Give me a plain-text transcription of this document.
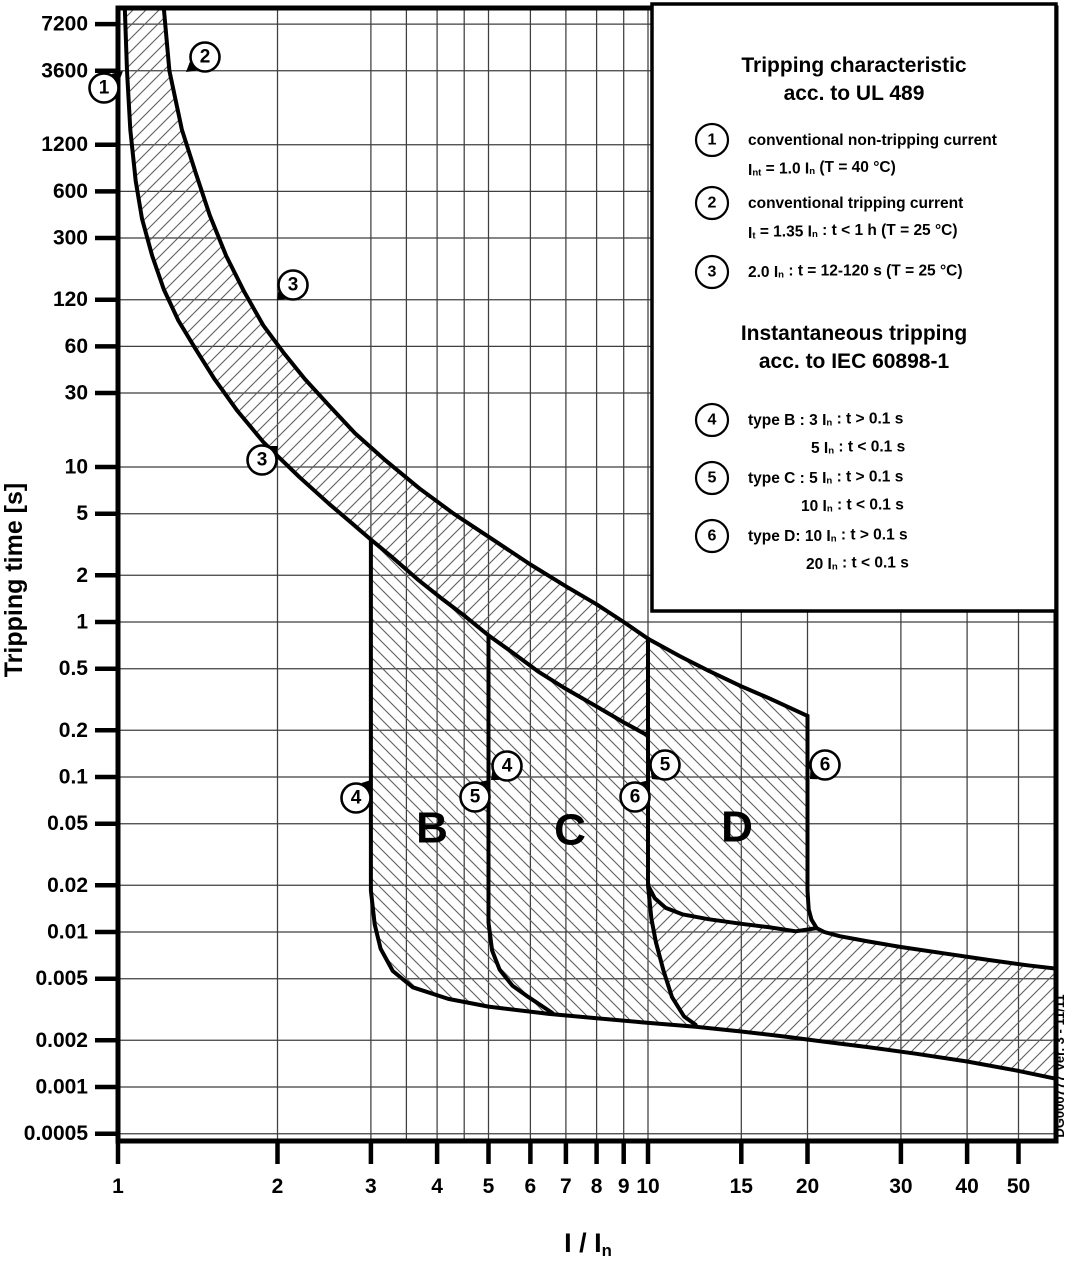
1	2	3	4 5 6 7 8 9 10	15 20	30 40 50
7200
3600
1200
600
300
120
60
30
10
5
2
1
0.5
0.2
0.1
0.05
0.02
0.01
0.005
0.002
0.001
0.0005
Tripping characteristic
acc. to UL 489
Instantaneous tripping
acc. to IEC 60898-1
1 conventional non-tripping current
Int = 1.0 In (T = 40 °C)
2 conventional tripping current
It = 1.35 In : t < 1 h (T = 25 °C)
3 2.0 In : t = 12-120 s (T = 25 °C)
4 type B : 3 In : t > 0.1 s
5 In : t < 0.1 s
5 type C : 5 In : t > 0.1 s
10 In : t < 0.1 s
6 type D: 10 In : t > 0.1 s
20 In : t < 0.1 s
1
2
3
3
4
4
5
5
6
6
B C	D
Tripping time [s]
I / In
DG000777 Ver. 3 - 11/11
